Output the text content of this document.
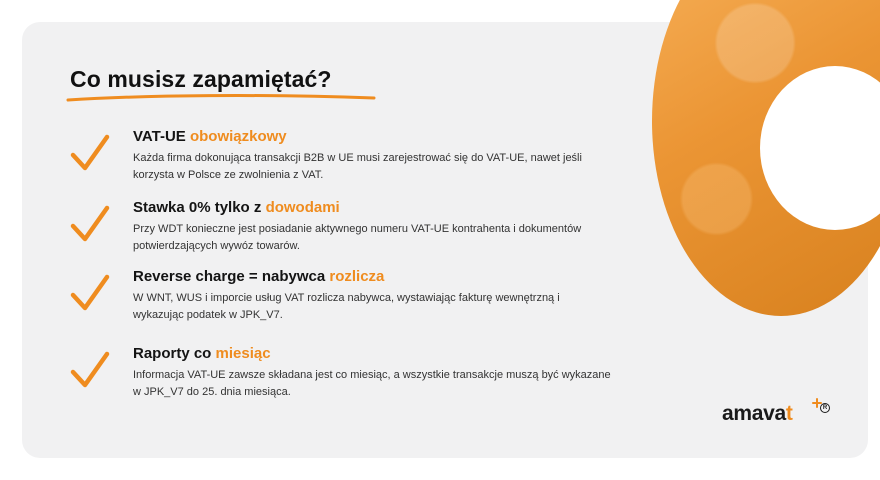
Co musisz zapamiętać?

VAT-UE obowiązkowy

Każda firma dokonująca transakcji B2B w UE musi zarejestrować się do VAT-UE, nawet jeśli korzysta w Polsce ze zwolnienia z VAT.

Stawka 0% tylko z dowodami

Przy WDT konieczne jest posiadanie aktywnego numeru VAT-UE kontrahenta i dokumentów potwierdzających wywóz towarów.

Reverse charge = nabywca rozlicza

W WNT, WUS i imporcie usług VAT rozlicza nabywca, wystawiając fakturę wewnętrzną i wykazując podatek w JPK_V7.

Raporty co miesiąc

Informacja VAT-UE zawsze składana jest co miesiąc, a wszystkie transakcje muszą być wykazane w JPK_V7 do 25. dnia miesiąca.

amavat	R
